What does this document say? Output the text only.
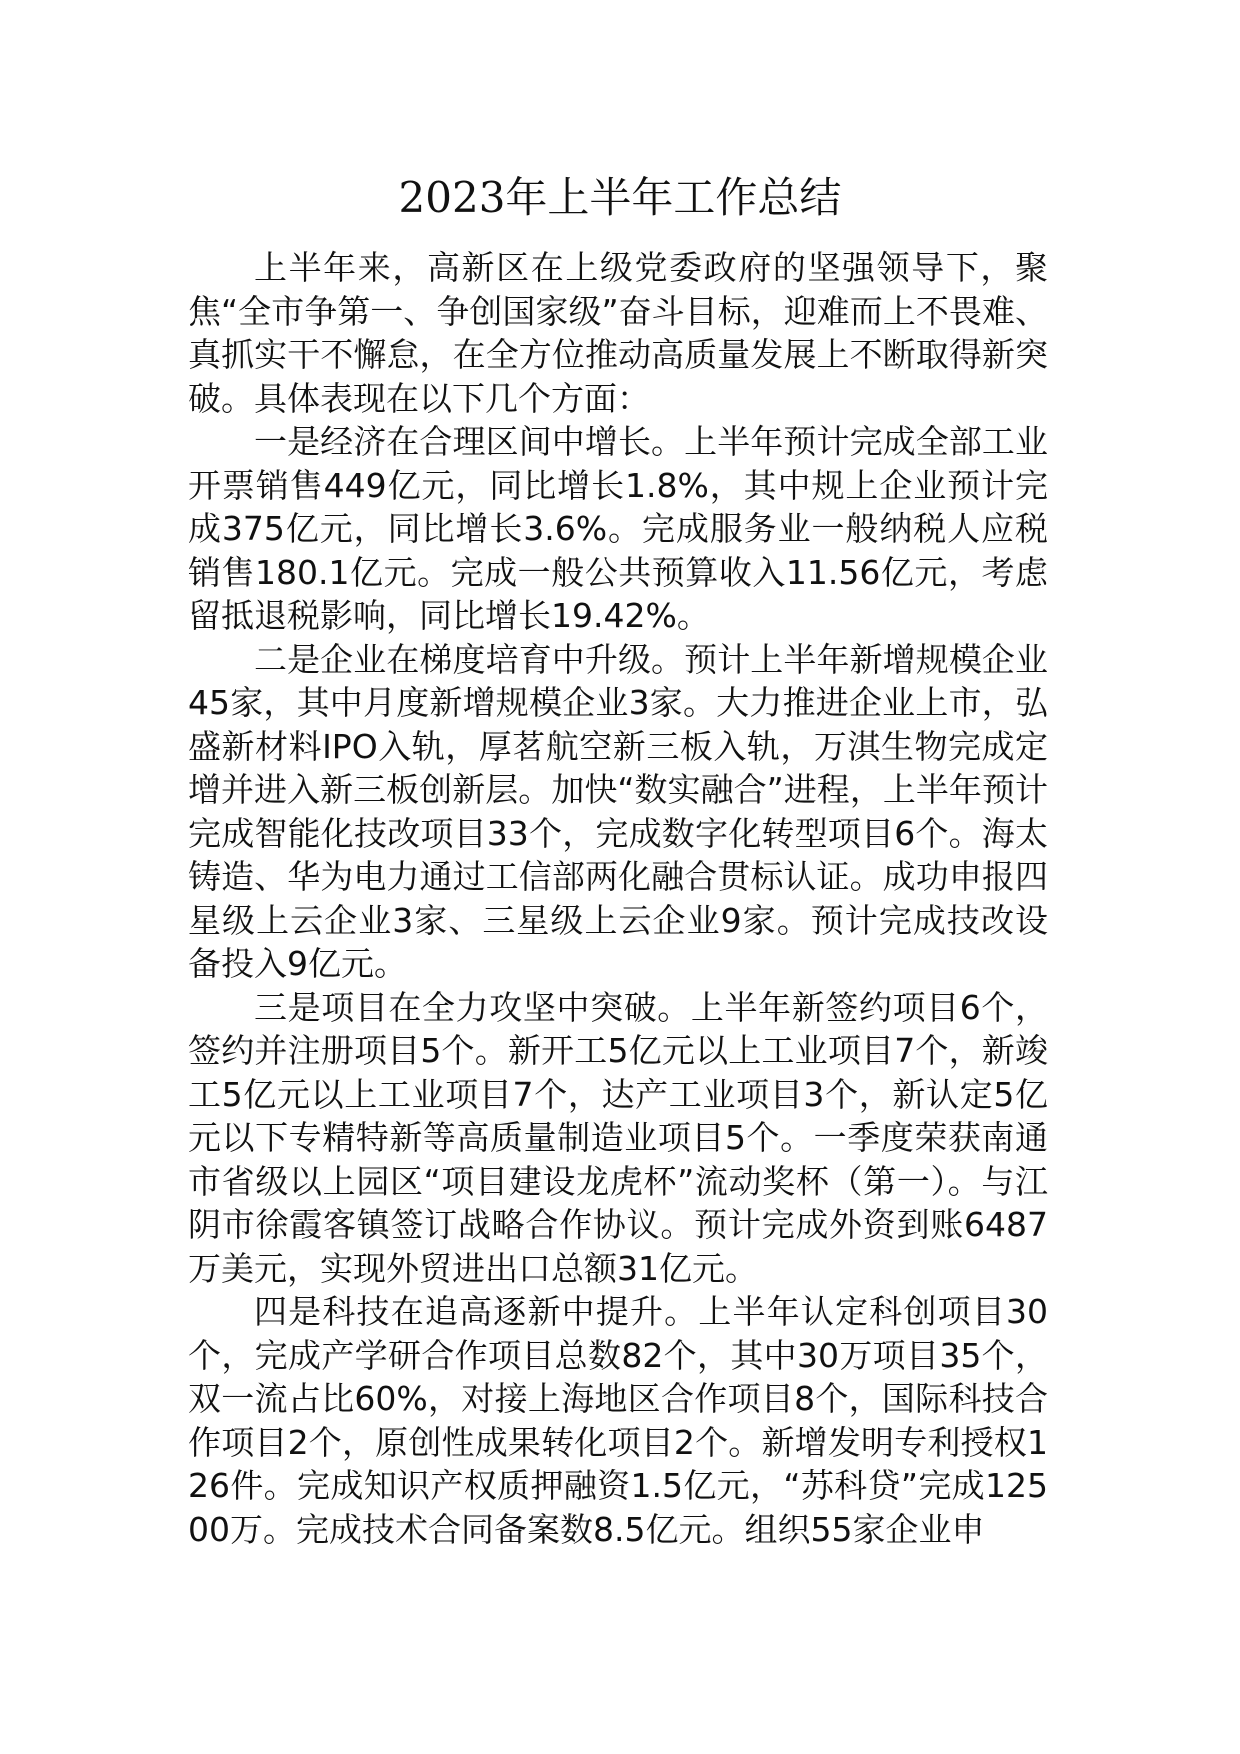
2023年上半年工作总结

上半年来，高新区在上级党委政府的坚强领导下，聚焦“全市争第一、争创国家级”奋斗目标，迎难而上不畏难、真抓实干不懈怠，在全方位推动高质量发展上不断取得新突破。具体表现在以下几个方面：

一是经济在合理区间中增长。上半年预计完成全部工业开票销售449亿元，同比增长1.8%，其中规上企业预计完成375亿元，同比增长3.6%。完成服务业一般纳税人应税销售180.1亿元。完成一般公共预算收入11.56亿元，考虑留抵退税影响，同比增长19.42%。

二是企业在梯度培育中升级。预计上半年新增规模企业45家，其中月度新增规模企业3家。大力推进企业上市，弘盛新材料IPO入轨，厚茗航空新三板入轨，万淇生物完成定增并进入新三板创新层。加快“数实融合”进程，上半年预计完成智能化技改项目33个，完成数字化转型项目6个。海太铸造、华为电力通过工信部两化融合贯标认证。成功申报四星级上云企业3家、三星级上云企业9家。预计完成技改设备投入9亿元。

三是项目在全力攻坚中突破。上半年新签约项目6个，签约并注册项目5个。新开工5亿元以上工业项目7个，新竣工5亿元以上工业项目7个，达产工业项目3个，新认定5亿元以下专精特新等高质量制造业项目5个。一季度荣获南通市省级以上园区“项目建设龙虎杯”流动奖杯（第一）。与江阴市徐霞客镇签订战略合作协议。预计完成外资到账6487万美元，实现外贸进出口总额31亿元。

四是科技在追高逐新中提升。上半年认定科创项目30个，完成产学研合作项目总数82个，其中30万项目35个，双一流占比60%，对接上海地区合作项目8个，国际科技合作项目2个，原创性成果转化项目2个。新增发明专利授权126件。完成知识产权质押融资1.5亿元，“苏科贷”完成12500万。完成技术合同备案数8.5亿元。组织55家企业申
